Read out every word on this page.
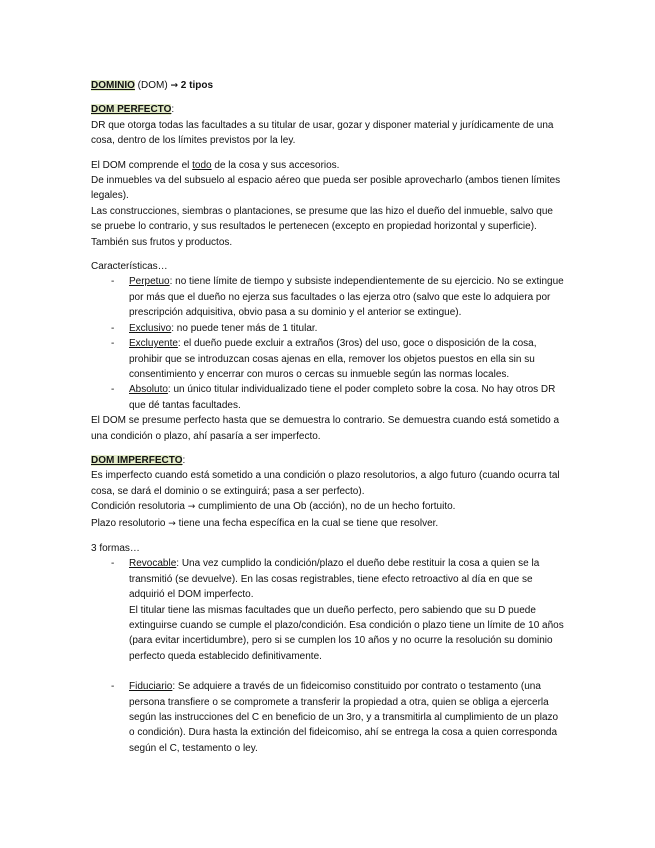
DOMINIO (DOM) → 2 tipos

DOM PERFECTO:

DR que otorga todas las facultades a su titular de usar, gozar y disponer material y jurídicamente de una cosa, dentro de los límites previstos por la ley.

El DOM comprende el todo de la cosa y sus accesorios.

De inmuebles va del subsuelo al espacio aéreo que pueda ser posible aprovecharlo (ambos tienen límites legales).

Las construcciones, siembras o plantaciones, se presume que las hizo el dueño del inmueble, salvo que se pruebe lo contrario, y sus resultados le pertenecen (excepto en propiedad horizontal y superficie). También sus frutos y productos.

Características…

- Perpetuo: no tiene límite de tiempo y subsiste independientemente de su ejercicio. No se extingue por más que el dueño no ejerza sus facultades o las ejerza otro (salvo que este lo adquiera por prescripción adquisitiva, obvio pasa a su dominio y el anterior se extingue).
- Exclusivo: no puede tener más de 1 titular.
- Excluyente: el dueño puede excluir a extraños (3ros) del uso, goce o disposición de la cosa, prohibir que se introduzcan cosas ajenas en ella, remover los objetos puestos en ella sin su consentimiento y encerrar con muros o cercas su inmueble según las normas locales.
- Absoluto: un único titular individualizado tiene el poder completo sobre la cosa. No hay otros DR que dé tantas facultades.

El DOM se presume perfecto hasta que se demuestra lo contrario. Se demuestra cuando está sometido a una condición o plazo, ahí pasaría a ser imperfecto.

DOM IMPERFECTO:

Es imperfecto cuando está sometido a una condición o plazo resolutorios, a algo futuro (cuando ocurra tal cosa, se dará el dominio o se extinguirá; pasa a ser perfecto).

Condición resolutoria → cumplimiento de una Ob (acción), no de un hecho fortuito.

Plazo resolutorio → tiene una fecha específica en la cual se tiene que resolver.

3 formas…

- Revocable: Una vez cumplido la condición/plazo el dueño debe restituir la cosa a quien se la transmitió (se devuelve). En las cosas registrables, tiene efecto retroactivo al día en que se adquirió el DOM imperfecto.

El titular tiene las mismas facultades que un dueño perfecto, pero sabiendo que su D puede extinguirse cuando se cumple el plazo/condición. Esa condición o plazo tiene un límite de 10 años (para evitar incertidumbre), pero si se cumplen los 10 años y no ocurre la resolución su dominio perfecto queda establecido definitivamente.

- Fiduciario: Se adquiere a través de un fideicomiso constituido por contrato o testamento (una persona transfiere o se compromete a transferir la propiedad a otra, quien se obliga a ejercerla según las instrucciones del C en beneficio de un 3ro, y a transmitirla al cumplimiento de un plazo o condición). Dura hasta la extinción del fideicomiso, ahí se entrega la cosa a quien corresponda según el C, testamento o ley.
